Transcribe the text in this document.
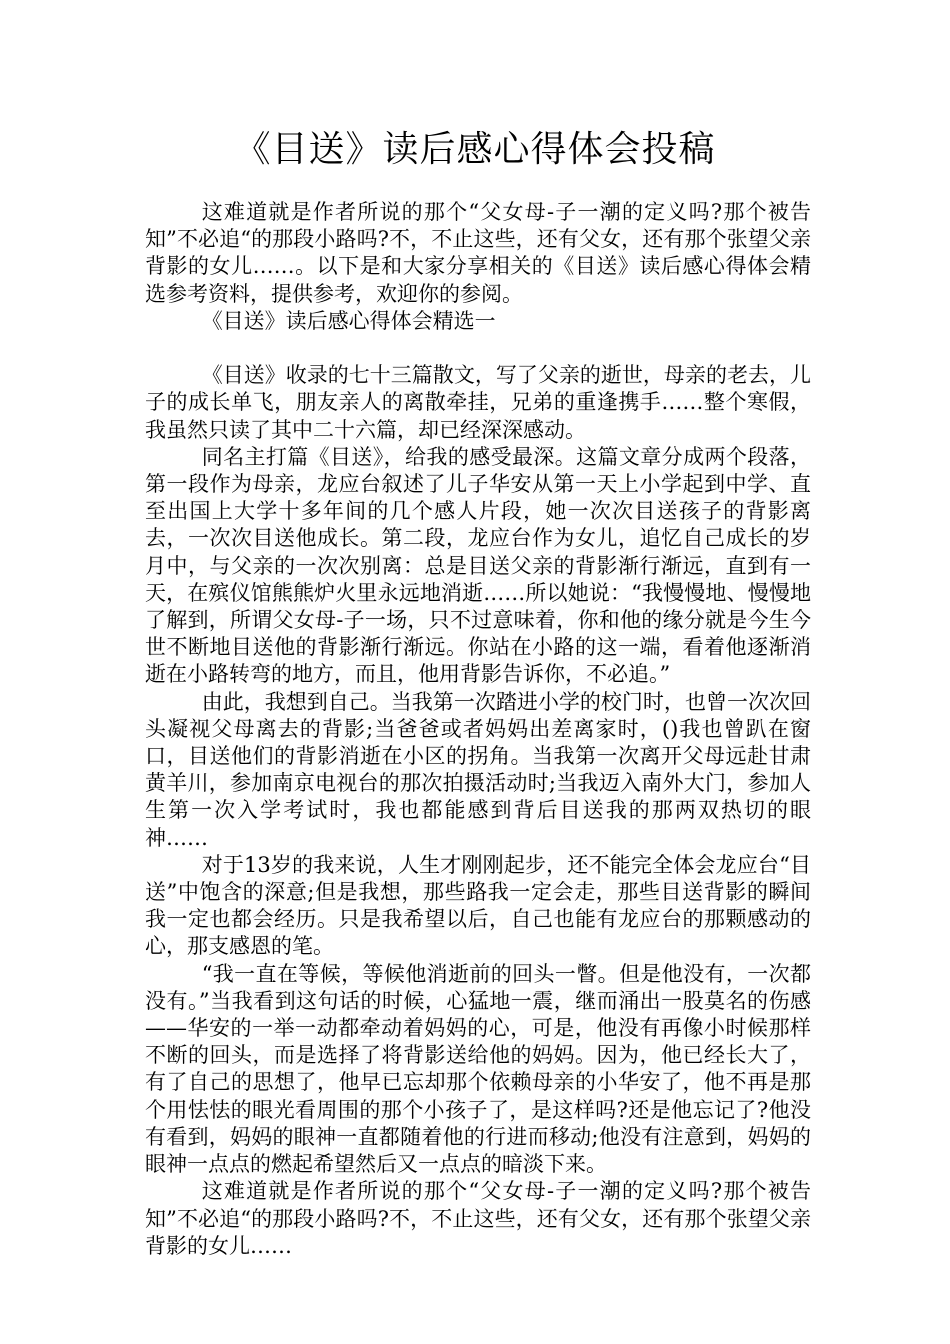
《目送》读后感心得体会投稿

这难道就是作者所说的那个“父女母-子一潮的定义吗?那个被告知”不必追“的那段小路吗?不，不止这些，还有父女，还有那个张望父亲背影的女儿……。以下是和大家分享相关的《目送》读后感心得体会精选参考资料，提供参考，欢迎你的参阅。

《目送》读后感心得体会精选一

《目送》收录的七十三篇散文，写了父亲的逝世，母亲的老去，儿子的成长单飞，朋友亲人的离散牵挂，兄弟的重逢携手……整个寒假，我虽然只读了其中二十六篇，却已经深深感动。

同名主打篇《目送》，给我的感受最深。这篇文章分成两个段落，第一段作为母亲，龙应台叙述了儿子华安从第一天上小学起到中学、直至出国上大学十多年间的几个感人片段，她一次次目送孩子的背影离去，一次次目送他成长。第二段，龙应台作为女儿，追忆自己成长的岁月中，与父亲的一次次别离：总是目送父亲的背影渐行渐远，直到有一天，在殡仪馆熊熊炉火里永远地消逝……所以她说：“我慢慢地、慢慢地了解到，所谓父女母-子一场，只不过意味着，你和他的缘分就是今生今世不断地目送他的背影渐行渐远。你站在小路的这一端，看着他逐渐消逝在小路转弯的地方，而且，他用背影告诉你，不必追。”

由此，我想到自己。当我第一次踏进小学的校门时，也曾一次次回头凝视父母离去的背影;当爸爸或者妈妈出差离家时，()我也曾趴在窗口，目送他们的背影消逝在小区的拐角。当我第一次离开父母远赴甘肃黄羊川，参加南京电视台的那次拍摄活动时;当我迈入南外大门，参加人生第一次入学考试时，我也都能感到背后目送我的那两双热切的眼神……

对于13岁的我来说，人生才刚刚起步，还不能完全体会龙应台“目送”中饱含的深意;但是我想，那些路我一定会走，那些目送背影的瞬间我一定也都会经历。只是我希望以后，自己也能有龙应台的那颗感动的心，那支感恩的笔。

“我一直在等候，等候他消逝前的回头一瞥。但是他没有，一次都没有。”当我看到这句话的时候，心猛地一震，继而涌出一股莫名的伤感——华安的一举一动都牵动着妈妈的心，可是，他没有再像小时候那样不断的回头，而是选择了将背影送给他的妈妈。因为，他已经长大了，有了自己的思想了，他早已忘却那个依赖母亲的小华安了，他不再是那个用怯怯的眼光看周围的那个小孩子了，是这样吗?还是他忘记了?他没有看到，妈妈的眼神一直都随着他的行进而移动;他没有注意到，妈妈的眼神一点点的燃起希望然后又一点点的暗淡下来。

这难道就是作者所说的那个“父女母-子一潮的定义吗?那个被告知”不必追“的那段小路吗?不，不止这些，还有父女，还有那个张望父亲背影的女儿……
